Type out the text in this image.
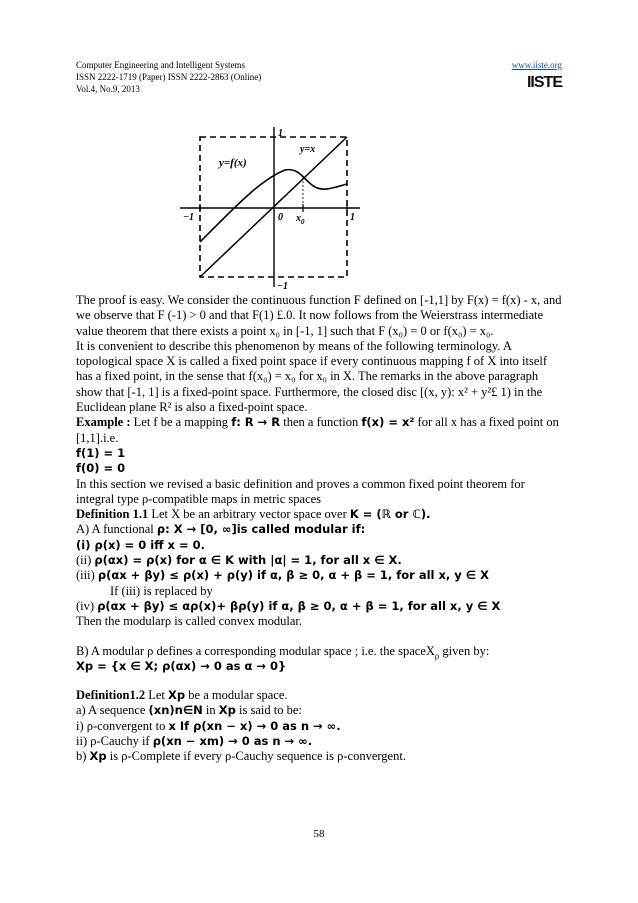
Computer Engineering and Intelligent Systems
ISSN 2222-1719 (Paper) ISSN 2222-2863 (Online)
Vol.4, No.9, 2013
www.iiste.org
IISTE
y=f(x)
y=x
1
−1	0 $x_0$	1
−1

The proof is easy. We consider the continuous function F defined on [-1,1] by F(x) = f(x) - x, and we observe that F (-1) > 0 and that F(1) £.0. It now follows from the Weierstrass intermediate value theorem that there exists a point x₀ in [-1, 1] such that F (x₀) = 0 or f(x₀) = x₀.

It is convenient to describe this phenomenon by means of the following terminology. A topological space X is called a fixed point space if every continuous mapping f of X into itself has a fixed point, in the sense that f(x₀) = x₀ for x₀ in X. The remarks in the above paragraph show that [-1, 1] is a fixed-point space. Furthermore, the closed disc [(x, y): x² + y²£ 1) in the Euclidean plane R² is also a fixed-point space.

Example : Let f be a mapping f: R → R then a function f(x) = x² for all x has a fixed point on [1,1].i.e.

f(1) = 1

f(0) = 0

In this section we revised a basic definition and proves a common fixed point theorem for integral type ρ-compatible maps in metric spaces

Definition 1.1 Let X be an arbitrary vector space over K = (ℝ or ℂ).

A) A functional ρ: X → [0, ∞]is called modular if:

(i) ρ(x) = 0 iff x = 0.

(ii) ρ(αx) = ρ(x) for α ∈ K with |α| = 1, for all x ∈ X.

(iii) ρ(αx + βy) ≤ ρ(x) + ρ(y) if α, β ≥ 0, α + β = 1, for all x, y ∈ X

If (iii) is replaced by

(iv) ρ(αx + βy) ≤ αρ(x)+ βρ(y) if α, β ≥ 0, α + β = 1, for all x, y ∈ X

Then the modularρ is called convex modular.

B) A modular ρ defines a corresponding modular space ; i.e. the spaceX$_\rho$ given by:

Xp = {x ∈ X; ρ(αx) → 0 as α → 0}

Definition1.2 Let Xp be a modular space.

a) A sequence (xn)n∈N in Xp is said to be:

i) ρ-convergent to x If ρ(xn − x) → 0 as n → ∞.

ii) ρ-Cauchy if ρ(xn − xm) → 0 as n → ∞.

b) Xp is ρ-Complete if every ρ-Cauchy sequence is ρ-convergent.

58
